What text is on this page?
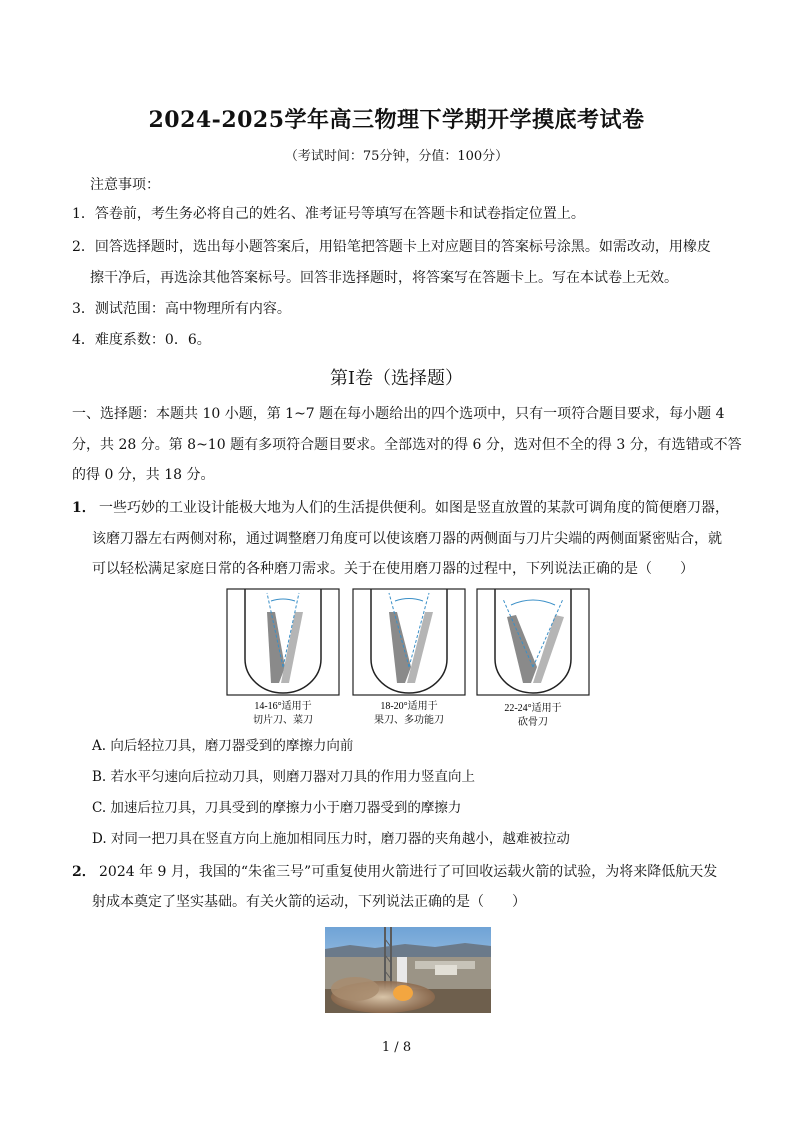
2024-2025学年高三物理下学期开学摸底考试卷
（考试时间：75分钟，分值：100分）
注意事项：
1．答卷前，考生务必将自己的姓名、准考证号等填写在答题卡和试卷指定位置上。
2．回答选择题时，选出每小题答案后，用铅笔把答题卡上对应题目的答案标号涂黑。如需改动，用橡皮
擦干净后，再选涂其他答案标号。回答非选择题时，将答案写在答题卡上。写在本试卷上无效。
3．测试范围：高中物理所有内容。
4．难度系数：0．6。
第Ⅰ卷（选择题）
一、选择题：本题共 10 小题，第 1~7 题在每小题给出的四个选项中，只有一项符合题目要求，每小题 4
分，共 28 分。第 8~10 题有多项符合题目要求。全部选对的得 6 分，选对但不全的得 3 分，有选错或不答
的得 0 分，共 18 分。
1． 一些巧妙的工业设计能极大地为人们的生活提供便利。如图是竖直放置的某款可调角度的简便磨刀器，
该磨刀器左右两侧对称，通过调整磨刀角度可以使该磨刀器的两侧面与刀片尖端的两侧面紧密贴合，就
可以轻松满足家庭日常的各种磨刀需求。关于在使用磨刀器的过程中，下列说法正确的是（　　）
14-16°适用于
切片刀、菜刀
18-20°适用于
果刀、多功能刀
22-24°适用于
砍骨刀
A. 向后轻拉刀具，磨刀器受到的摩擦力向前
B. 若水平匀速向后拉动刀具，则磨刀器对刀具的作用力竖直向上
C. 加速后拉刀具，刀具受到的摩擦力小于磨刀器受到的摩擦力
D. 对同一把刀具在竖直方向上施加相同压力时，磨刀器的夹角越小，越难被拉动
2． 2024 年 9 月，我国的“朱雀三号”可重复使用火箭进行了可回收运载火箭的试验，为将来降低航天发
射成本奠定了坚实基础。有关火箭的运动，下列说法正确的是（　　）
1 / 8
